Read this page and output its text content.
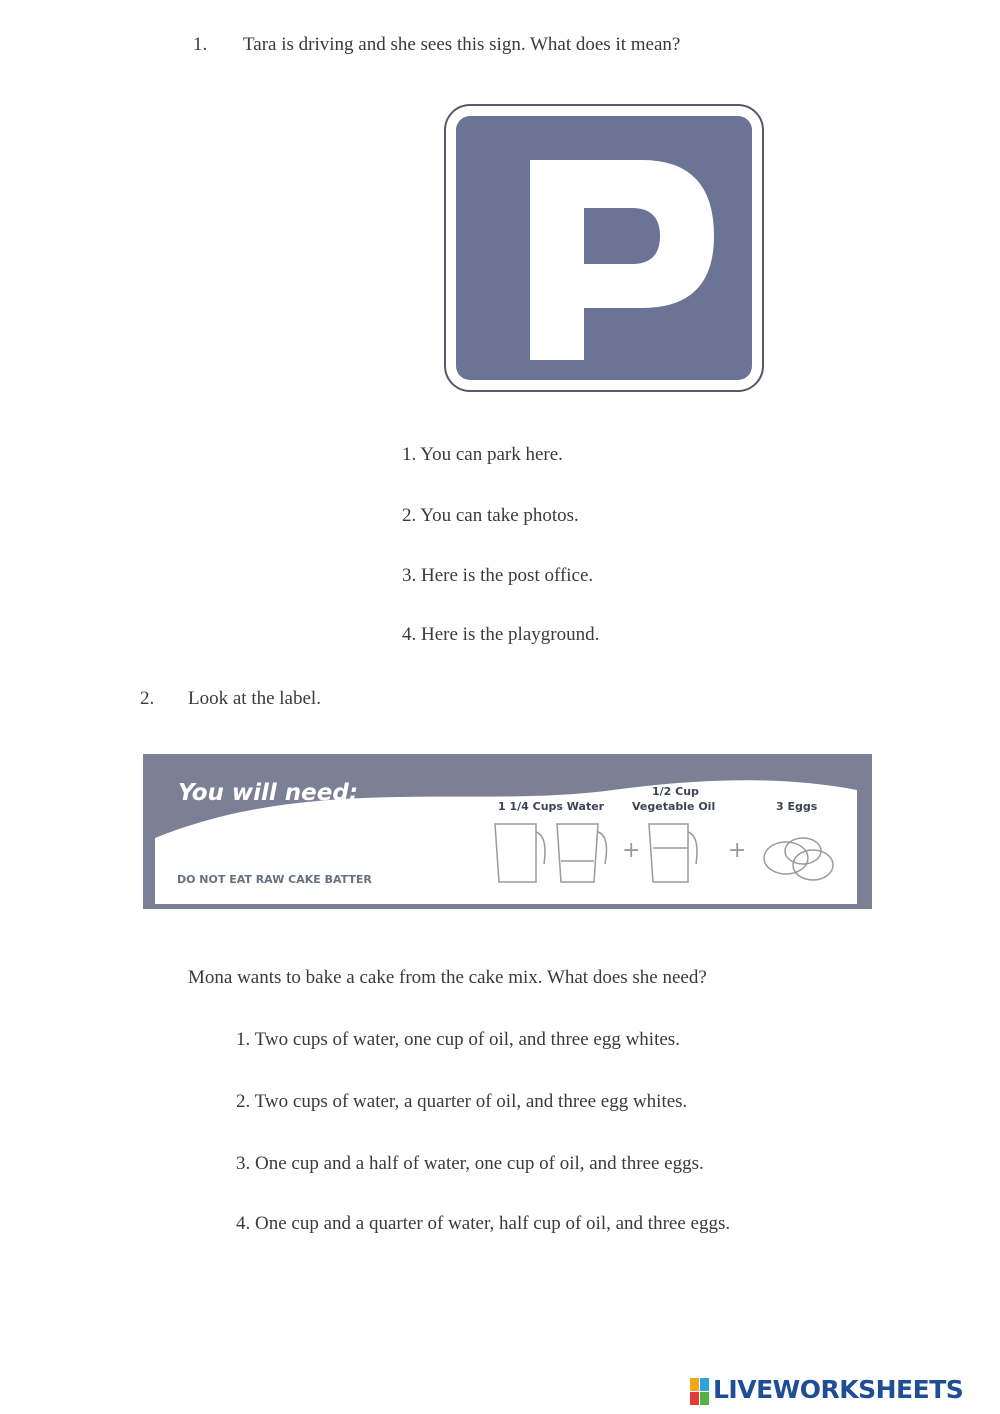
1. Tara is driving and she sees this sign. What does it mean?
1. You can park here.
2. You can take photos.
3. Here is the post office.
4. Here is the playground.
2. Look at the label.
You will need:
DO NOT EAT RAW CAKE BATTER
1 1/4 Cups Water
1/2 Cup
Vegetable Oil	3 Eggs
+	+
Mona wants to bake a cake from the cake mix. What does she need?
1. Two cups of water, one cup of oil, and three egg whites.
2. Two cups of water, a quarter of oil, and three egg whites.
3. One cup and a half of water, one cup of oil, and three eggs.
4. One cup and a quarter of water, half cup of oil, and three eggs.
LIVEWORKSHEETS
